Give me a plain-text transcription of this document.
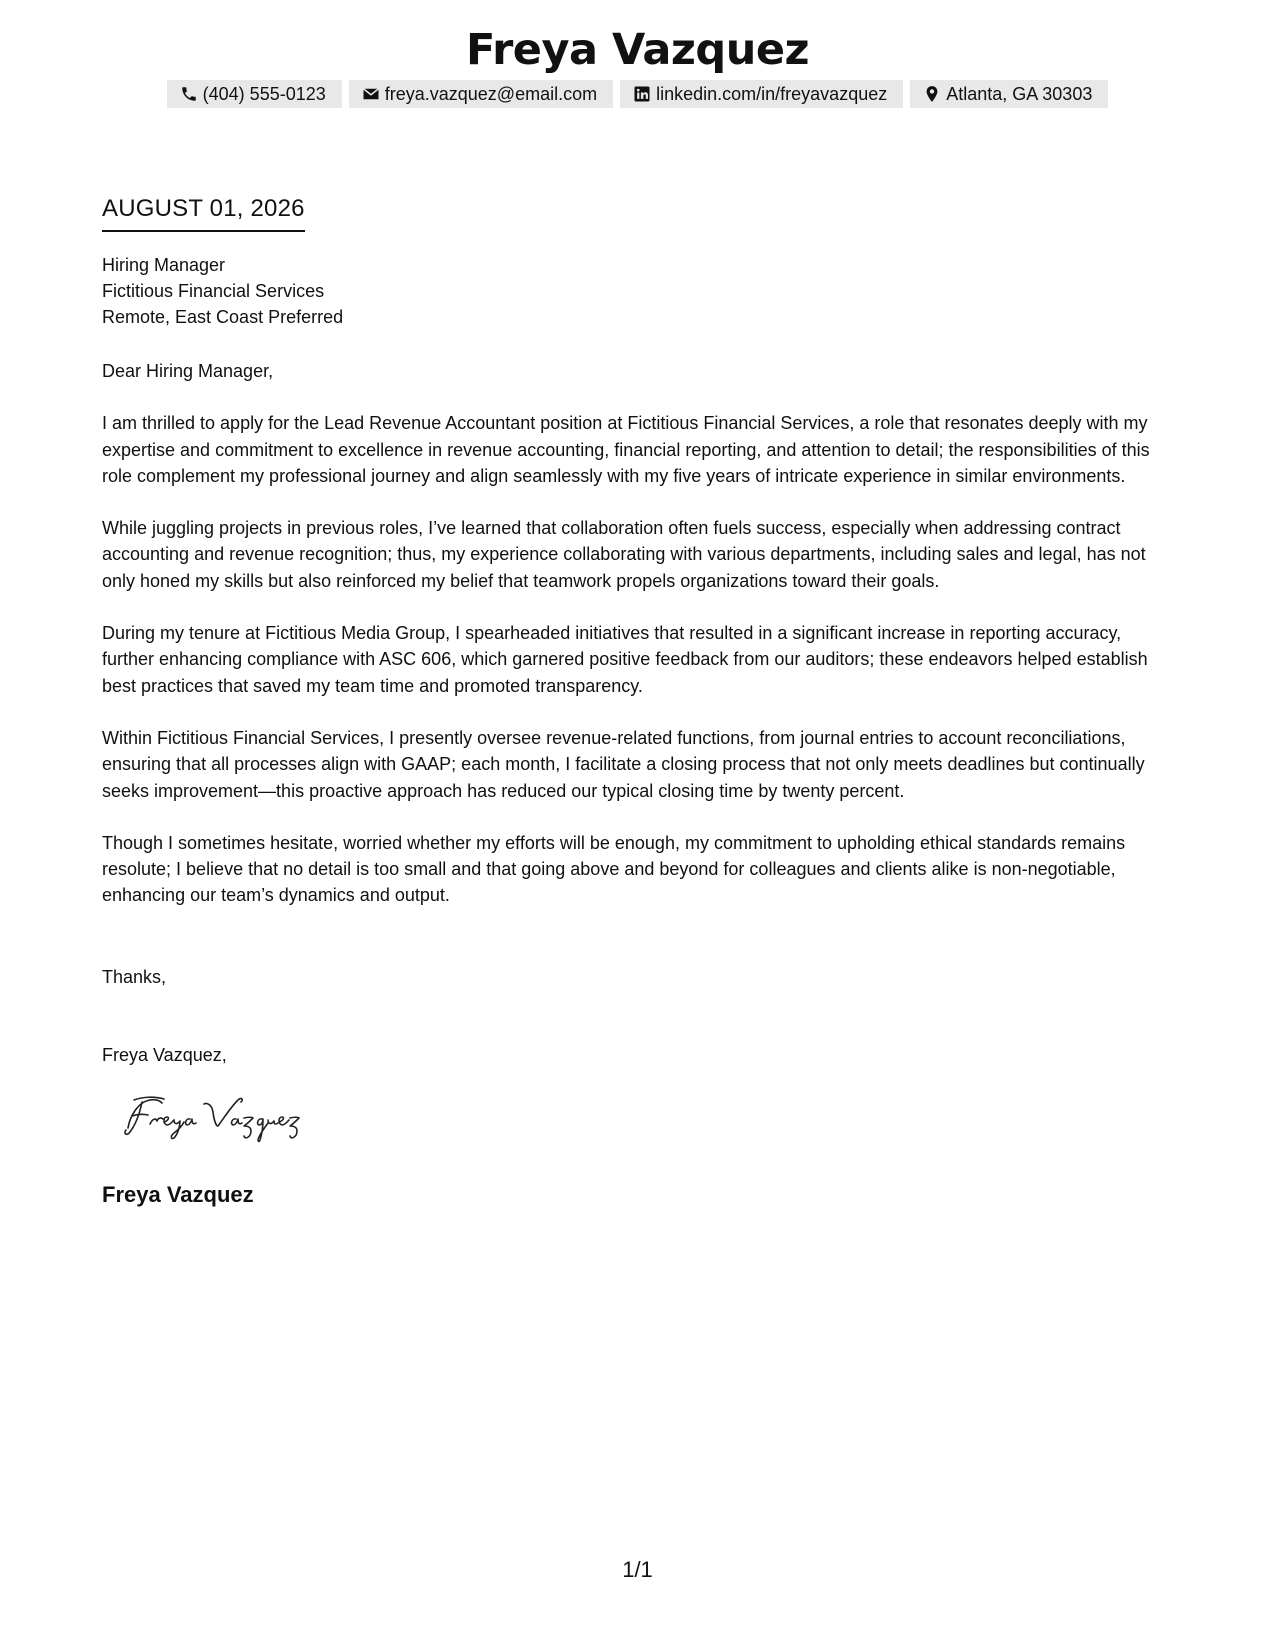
Freya Vazquez
(404) 555-0123	freya.vazquez@email.com	linkedin.com/in/freyavazquez	Atlanta, GA 30303
AUGUST 01, 2026
Hiring Manager
Fictitious Financial Services
Remote, East Coast Preferred

Dear Hiring Manager,

I am thrilled to apply for the Lead Revenue Accountant position at Fictitious Financial Services, a role that resonates deeply with my expertise and commitment to excellence in revenue accounting, financial reporting, and attention to detail; the responsibilities of this role complement my professional journey and align seamlessly with my five years of intricate experience in similar environments.

While juggling projects in previous roles, I’ve learned that collaboration often fuels success, especially when addressing contract accounting and revenue recognition; thus, my experience collaborating with various departments, including sales and legal, has not only honed my skills but also reinforced my belief that teamwork propels organizations toward their goals.

During my tenure at Fictitious Media Group, I spearheaded initiatives that resulted in a significant increase in reporting accuracy, further enhancing compliance with ASC 606, which garnered positive feedback from our auditors; these endeavors helped establish best practices that saved my team time and promoted transparency.

Within Fictitious Financial Services, I presently oversee revenue-related functions, from journal entries to account reconciliations, ensuring that all processes align with GAAP; each month, I facilitate a closing process that not only meets deadlines but continually seeks improvement—this proactive approach has reduced our typical closing time by twenty percent.

Though I sometimes hesitate, worried whether my efforts will be enough, my commitment to upholding ethical standards remains resolute; I believe that no detail is too small and that going above and beyond for colleagues and clients alike is non-negotiable, enhancing our team’s dynamics and output.

Thanks,
Freya Vazquez,
Freya Vazquez
1/1
